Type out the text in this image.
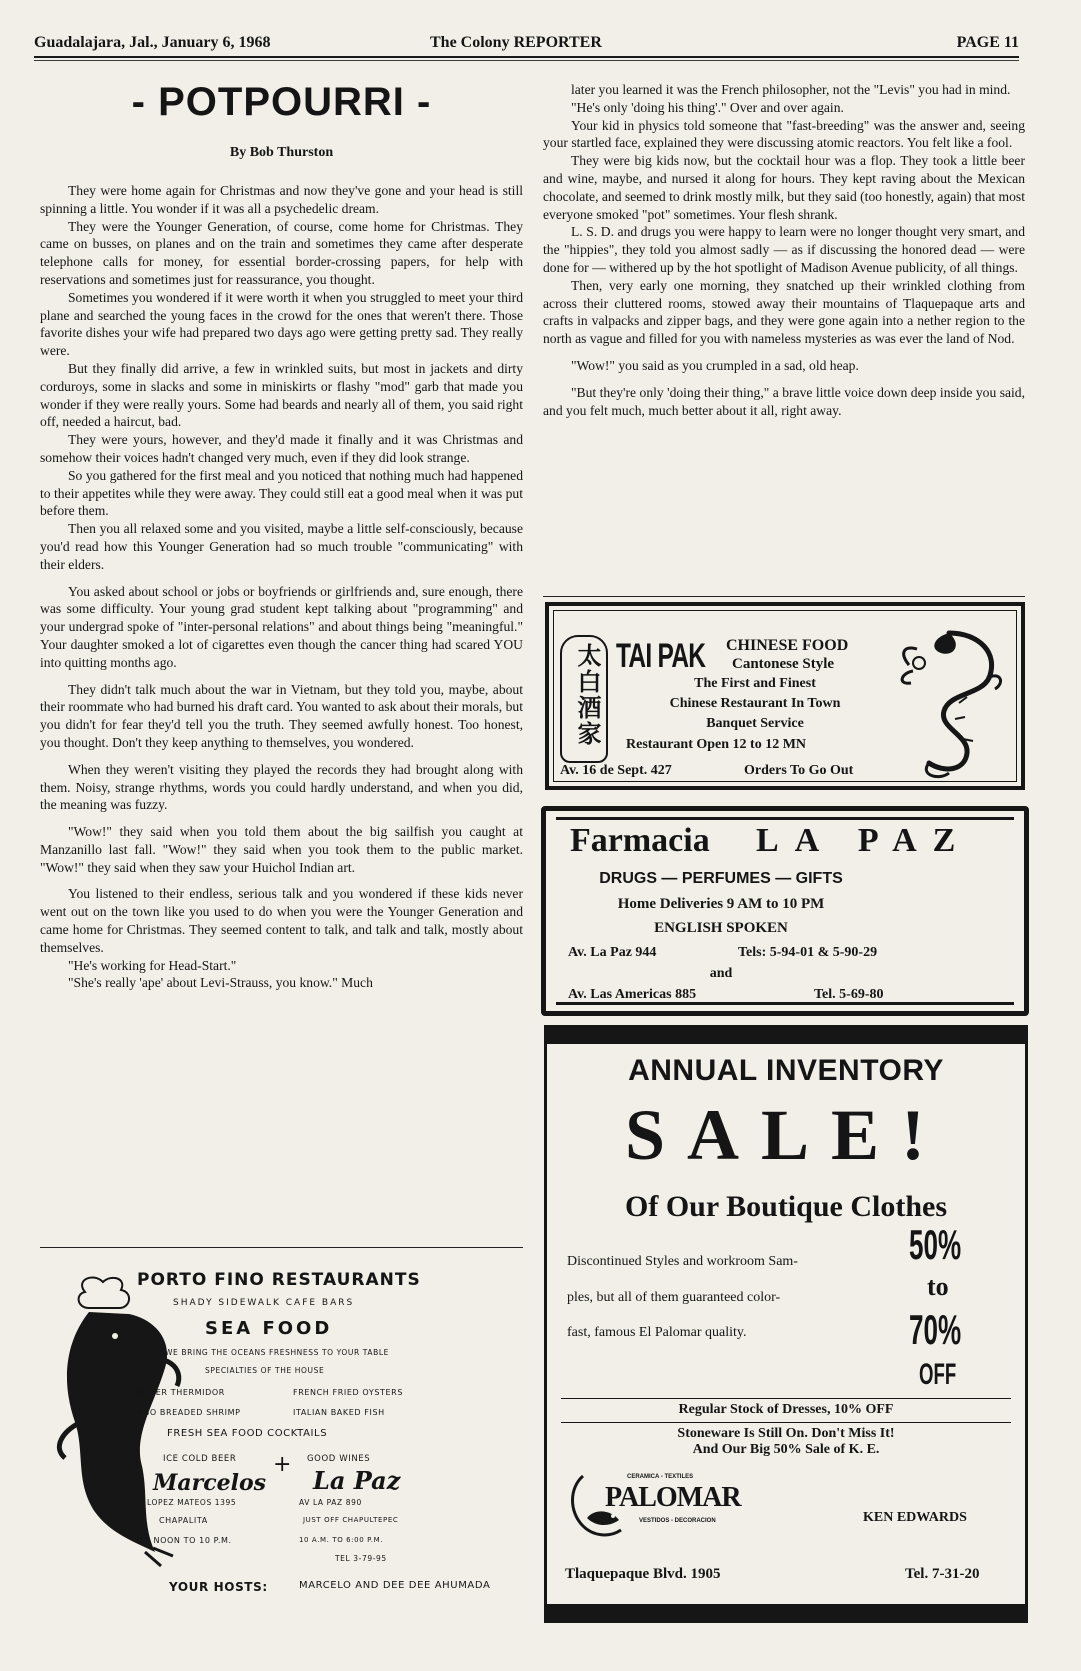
Guadalajara, Jal., January 6, 1968	The Colony REPORTER	PAGE 11
- POTPOURRI -
By Bob Thurston

They were home again for Christmas and now they've gone and your head is still spinning a little. You wonder if it was all a psychedelic dream.

They were the Younger Generation, of course, come home for Christmas. They came on busses, on planes and on the train and sometimes they came after desperate telephone calls for money, for essential border-crossing papers, for help with reservations and sometimes just for reassurance, you thought.

Sometimes you wondered if it were worth it when you struggled to meet your third plane and searched the young faces in the crowd for the ones that weren't there. Those favorite dishes your wife had prepared two days ago were getting pretty sad. They really were.

But they finally did arrive, a few in wrinkled suits, but most in jackets and dirty corduroys, some in slacks and some in miniskirts or flashy "mod" garb that made you wonder if they were really yours. Some had beards and nearly all of them, you said right off, needed a haircut, bad.

They were yours, however, and they'd made it finally and it was Christmas and somehow their voices hadn't changed very much, even if they did look strange.

So you gathered for the first meal and you noticed that nothing much had happened to their appetites while they were away. They could still eat a good meal when it was put before them.

Then you all relaxed some and you visited, maybe a little self-consciously, because you'd read how this Younger Generation had so much trouble "communicating" with their elders.

You asked about school or jobs or boyfriends or girlfriends and, sure enough, there was some difficulty. Your young grad student kept talking about "programming" and your undergrad spoke of "inter-personal relations" and about things being "meaningful." Your daughter smoked a lot of cigarettes even though the cancer thing had scared YOU into quitting months ago.

They didn't talk much about the war in Vietnam, but they told you, maybe, about their roommate who had burned his draft card. You wanted to ask about their morals, but you didn't for fear they'd tell you the truth. They seemed awfully honest. Too honest, you thought. Don't they keep anything to themselves, you wondered.

When they weren't visiting they played the records they had brought along with them. Noisy, strange rhythms, words you could hardly understand, and when you did, the meaning was fuzzy.

"Wow!" they said when you told them about the big sailfish you caught at Manzanillo last fall. "Wow!" they said when you took them to the public market. "Wow!" they said when they saw your Huichol Indian art.

You listened to their endless, serious talk and you wondered if these kids never went out on the town like you used to do when you were the Younger Generation and came home for Christmas. They seemed content to talk, and talk and talk, mostly about themselves.

"He's working for Head-Start."

"She's really 'ape' about Levi-Strauss, you know." Much

later you learned it was the French philosopher, not the "Levis" you had in mind.

"He's only 'doing his thing'." Over and over again.

Your kid in physics told someone that "fast-breeding" was the answer and, seeing your startled face, explained they were discussing atomic reactors. You felt like a fool.

They were big kids now, but the cocktail hour was a flop. They took a little beer and wine, maybe, and nursed it along for hours. They kept raving about the Mexican chocolate, and seemed to drink mostly milk, but they said (too honestly, again) that most everyone smoked "pot" sometimes. Your flesh shrank.

L. S. D. and drugs you were happy to learn were no longer thought very smart, and the "hippies", they told you almost sadly — as if discussing the honored dead — were done for — withered up by the hot spotlight of Madison Avenue publicity, of all things.

Then, very early one morning, they snatched up their wrinkled clothing from across their cluttered rooms, stowed away their mountains of Tlaquepaque arts and crafts in valpacks and zipper bags, and they were gone again into a nether region to the north as vague and filled for you with nameless mysteries as was ever the land of Nod.

"Wow!" you said as you crumpled in a sad, old heap.

"But they're only 'doing their thing," a brave little voice down deep inside you said, and you felt much, much better about it all, right away.

太白酒家 TAI PAK CHINESE FOOD
Cantonese Style
The First and Finest
Chinese Restaurant In Town
Banquet Service
Restaurant Open 12 to 12 MN
Av. 16 de Sept. 427	Orders To Go Out
Farmacia LA PAZ
DRUGS — PERFUMES — GIFTS
Home Deliveries 9 AM to 10 PM
ENGLISH SPOKEN
Av. La Paz 944	Tels: 5-94-01 & 5-90-29
and
Av. Las Americas 885	Tel. 5-69-80
ANNUAL INVENTORY
SALE!
Of Our Boutique Clothes
Discontinued Styles and workroom Sam-
ples, but all of them guaranteed color-
fast, famous El Palomar quality.
50%
to
70%
OFF
Regular Stock of Dresses, 10% OFF
Stoneware Is Still On. Don't Miss It!
And Our Big 50% Sale of K. E.
CERAMICA - TEXTILES
PALOMAR
VESTIDOS - DECORACION	KEN EDWARDS
Tlaquepaque Blvd. 1905	Tel. 7-31-20
PORTO FINO RESTAURANTS
SHADY SIDEWALK CAFE BARS
SEA FOOD
WE BRING THE OCEANS FRESHNESS TO YOUR TABLE
SPECIALTIES OF THE HOUSE
LOBSTER THERMIDOR	FRENCH FRIED OYSTERS
JUMBO BREADED SHRIMP	ITALIAN BAKED FISH
FRESH SEA FOOD COCKTAILS
ICE COLD BEER	GOOD WINES
+
Marcelos
LOPEZ MATEOS 1395
CHAPALITA
12 NOON TO 10 P.M.
La Paz
AV LA PAZ 890
JUST OFF CHAPULTEPEC
10 A.M. TO 6:00 P.M.
TEL 3-79-95
YOUR HOSTS:	MARCELO AND DEE DEE AHUMADA
